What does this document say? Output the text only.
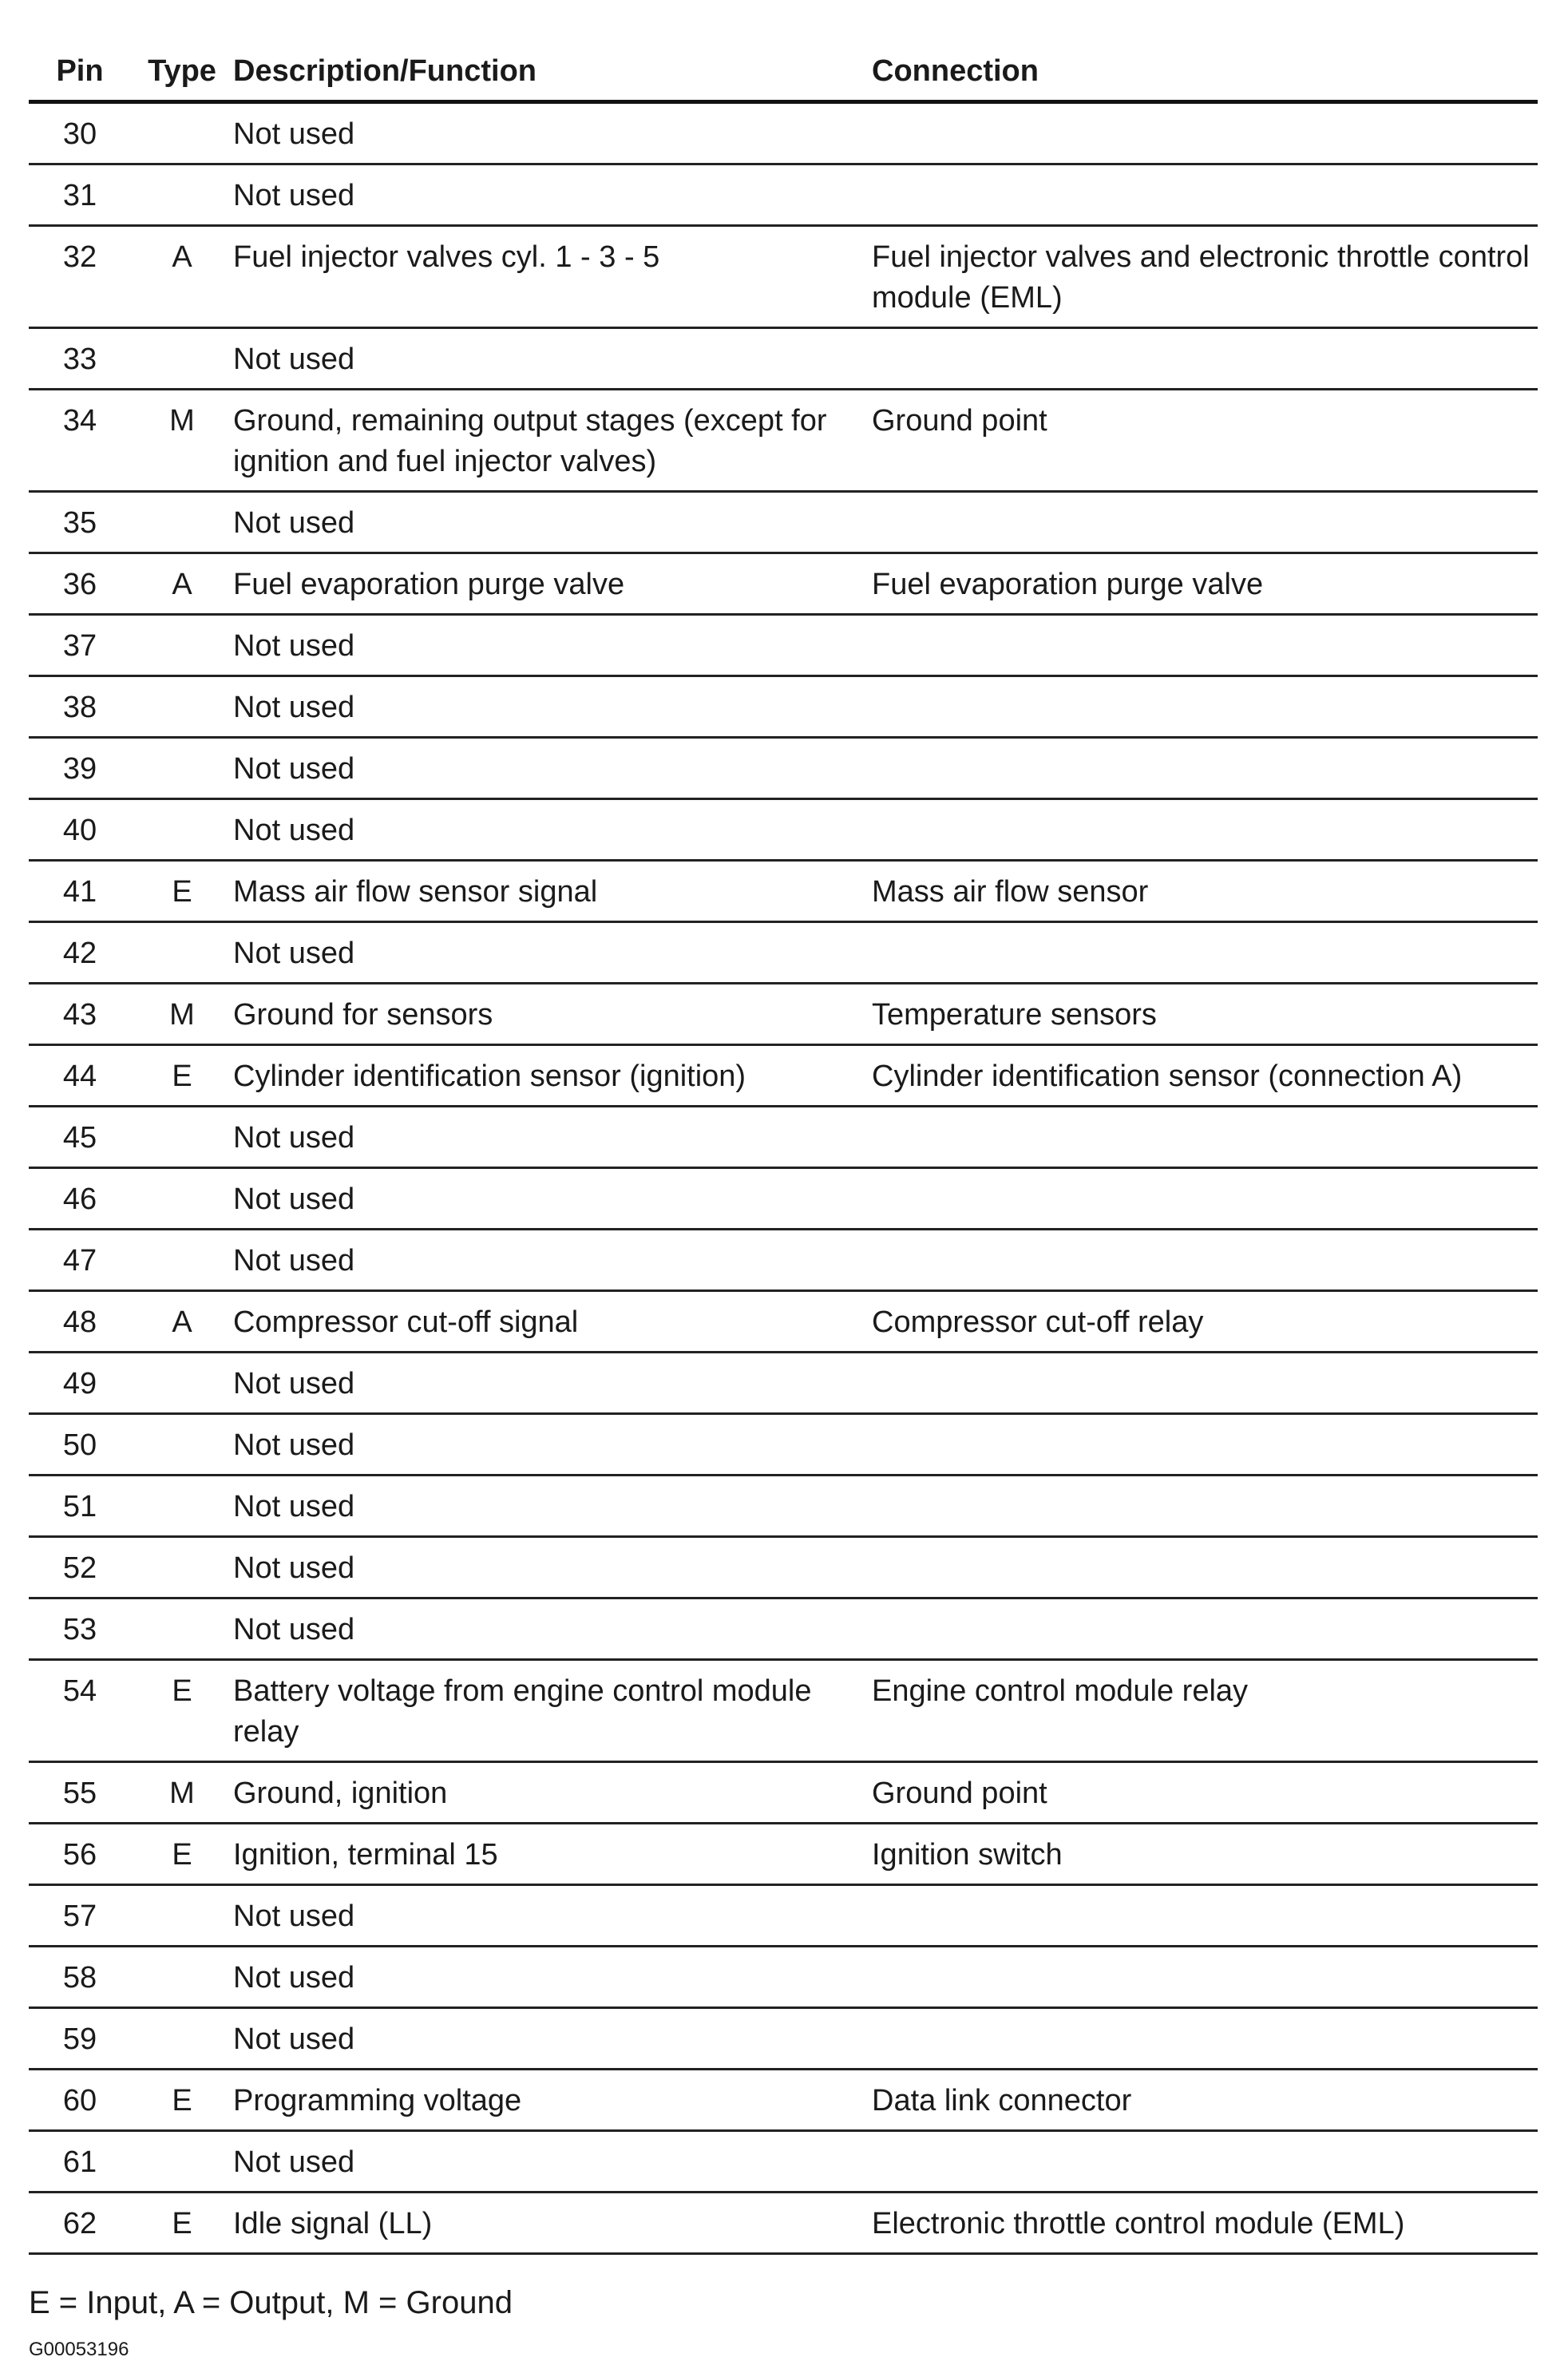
Pin	Type	Description/Function	Connection
30		Not used	
31		Not used	
32	A	Fuel injector valves cyl. 1 - 3 - 5	Fuel injector valves and electronic throttle control module (EML)
33		Not used	
34	M	Ground, remaining output stages (except for ignition and fuel injector valves)	Ground point
35		Not used	
36	A	Fuel evaporation purge valve	Fuel evaporation purge valve
37		Not used	
38		Not used	
39		Not used	
40		Not used	
41	E	Mass air flow sensor signal	Mass air flow sensor
42		Not used	
43	M	Ground for sensors	Temperature sensors
44	E	Cylinder identification sensor (ignition)	Cylinder identification sensor (connection A)
45		Not used	
46		Not used	
47		Not used	
48	A	Compressor cut-off signal	Compressor cut-off relay
49		Not used	
50		Not used	
51		Not used	
52		Not used	
53		Not used	
54	E	Battery voltage from engine control module relay	Engine control module relay
55	M	Ground, ignition	Ground point
56	E	Ignition, terminal 15	Ignition switch
57		Not used	
58		Not used	
59		Not used	
60	E	Programming voltage	Data link connector
61		Not used	
62	E	Idle signal (LL)	Electronic throttle control module (EML)
E = Input, A = Output, M = Ground
G00053196
